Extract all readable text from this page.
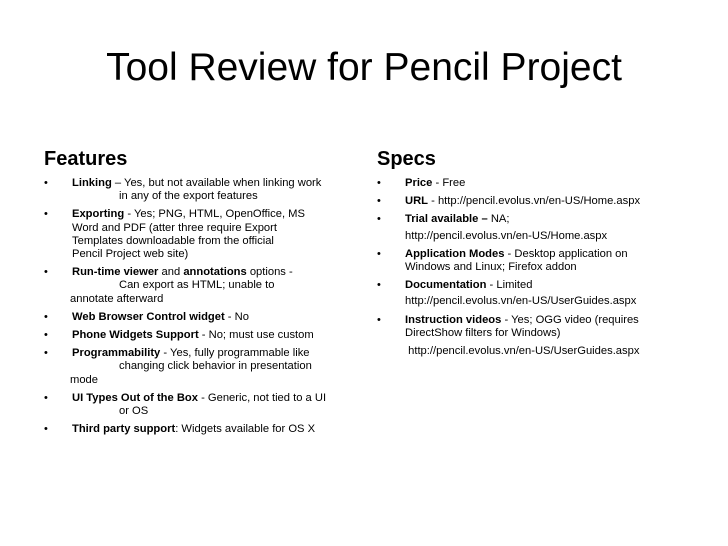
Tool Review for Pencil Project
Features
•	Linking – Yes, but not available when linking work
in any of the export features
•	Exporting - Yes; PNG, HTML, OpenOffice, MS
Word and PDF (atter three require Export
Templates downloadable from the official
Pencil Project web site)
•	Run-time viewer and annotations options -
Can export as HTML; unable to
annotate afterward
•	Web Browser Control widget - No
•	Phone Widgets Support - No; must use custom
•	Programmability - Yes, fully programmable like
changing click behavior in presentation
mode
•	UI Types Out of the Box - Generic, not tied to a UI
or OS
•	Third party support: Widgets available for OS X
Specs
•	Price - Free
•	URL - http://pencil.evolus.vn/en-US/Home.aspx
•	Trial available – NA;
http://pencil.evolus.vn/en-US/Home.aspx
•	Application Modes - Desktop application on
Windows and Linux; Firefox addon
•	Documentation - Limited
http://pencil.evolus.vn/en-US/UserGuides.aspx
•	Instruction videos - Yes; OGG video (requires
DirectShow filters for Windows)
http://pencil.evolus.vn/en-US/UserGuides.aspx
